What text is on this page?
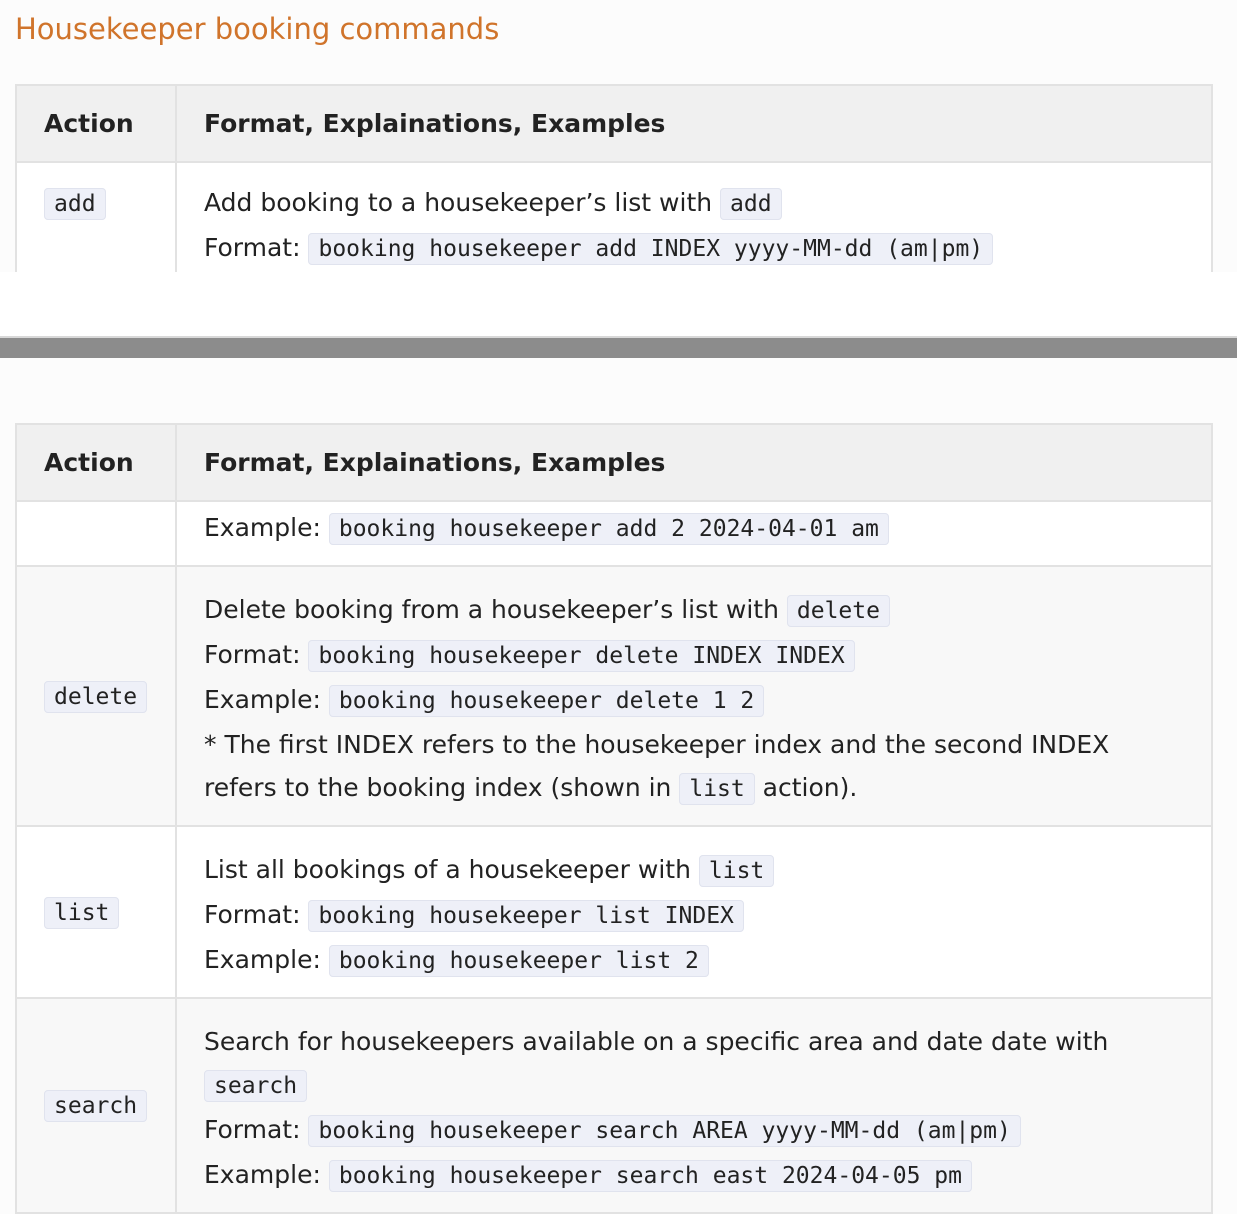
Housekeeper booking commands
Action	Format, Explainations, Examples
add	Add booking to a housekeeper’s list with add
Format: booking housekeeper add INDEX yyyy-MM-dd (am|pm)
Action	Format, Explainations, Examples

	Example: booking housekeeper add 2 2024-04-01 am

delete	Delete booking from a housekeeper’s list with delete
Format: booking housekeeper delete INDEX INDEX
Example: booking housekeeper delete 1 2
* The first INDEX refers to the housekeeper index and the second INDEX refers to the booking index (shown in list action).

list	List all bookings of a housekeeper with list
Format: booking housekeeper list INDEX
Example: booking housekeeper list 2

search	Search for housekeepers available on a specific area and date date with search
Format: booking housekeeper search AREA yyyy-MM-dd (am|pm)
Example: booking housekeeper search east 2024-04-05 pm
